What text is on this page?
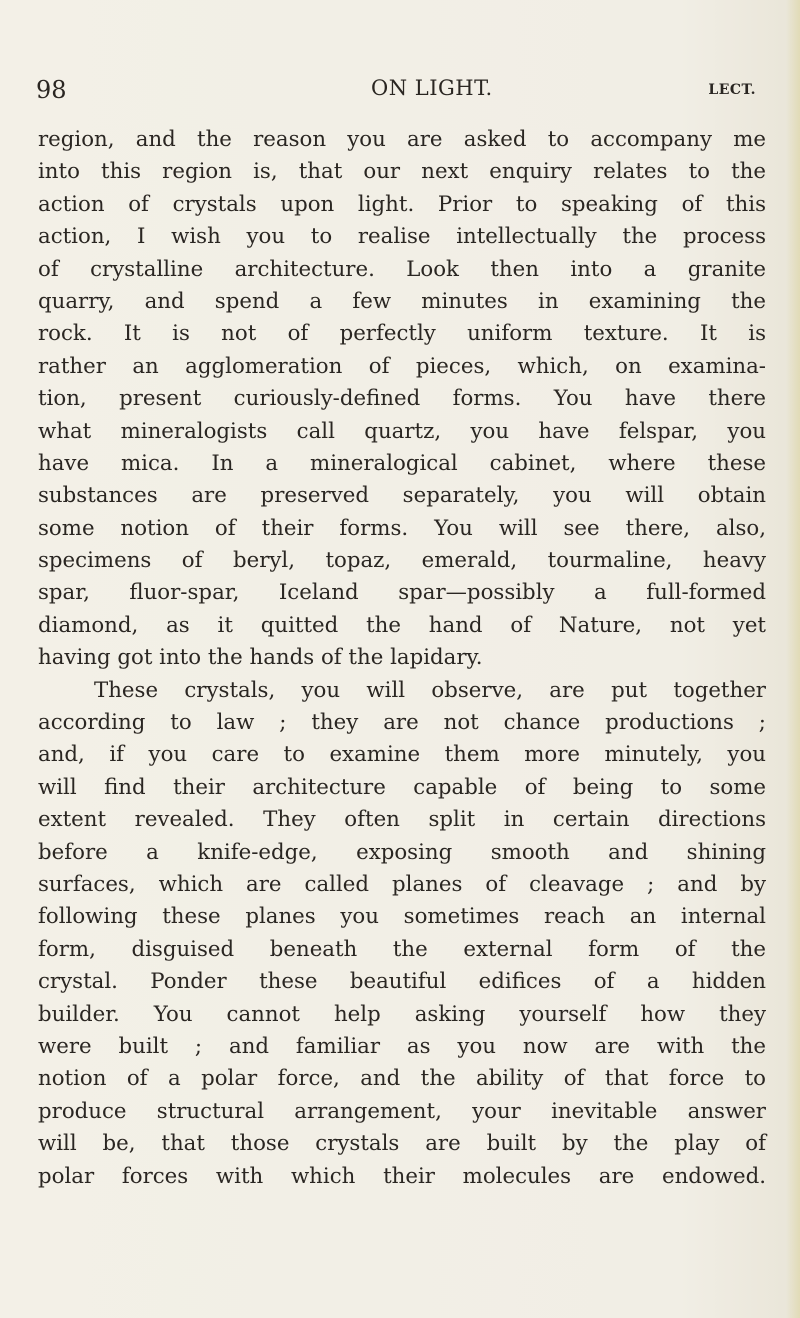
98	ON LIGHT.	LECT.
region, and the reason you are asked to accompany me
into this region is, that our next enquiry relates to the
action of crystals upon light. Prior to speaking of this
action, I wish you to realise intellectually the process
of crystalline architecture. Look then into a granite
quarry, and spend a few minutes in examining the
rock. It is not of perfectly uniform texture. It is
rather an agglomeration of pieces, which, on examina-
tion, present curiously-defined forms. You have there
what mineralogists call quartz, you have felspar, you
have mica. In a mineralogical cabinet, where these
substances are preserved separately, you will obtain
some notion of their forms. You will see there, also,
specimens of beryl, topaz, emerald, tourmaline, heavy
spar, fluor-spar, Iceland spar—possibly a full-formed
diamond, as it quitted the hand of Nature, not yet
having got into the hands of the lapidary.
These crystals, you will observe, are put together
according to law ; they are not chance productions ;
and, if you care to examine them more minutely, you
will find their architecture capable of being to some
extent revealed. They often split in certain directions
before a knife-edge, exposing smooth and shining
surfaces, which are called planes of cleavage ; and by
following these planes you sometimes reach an internal
form, disguised beneath the external form of the
crystal. Ponder these beautiful edifices of a hidden
builder. You cannot help asking yourself how they
were built ; and familiar as you now are with the
notion of a polar force, and the ability of that force to
produce structural arrangement, your inevitable answer
will be, that those crystals are built by the play of
polar forces with which their molecules are endowed.
